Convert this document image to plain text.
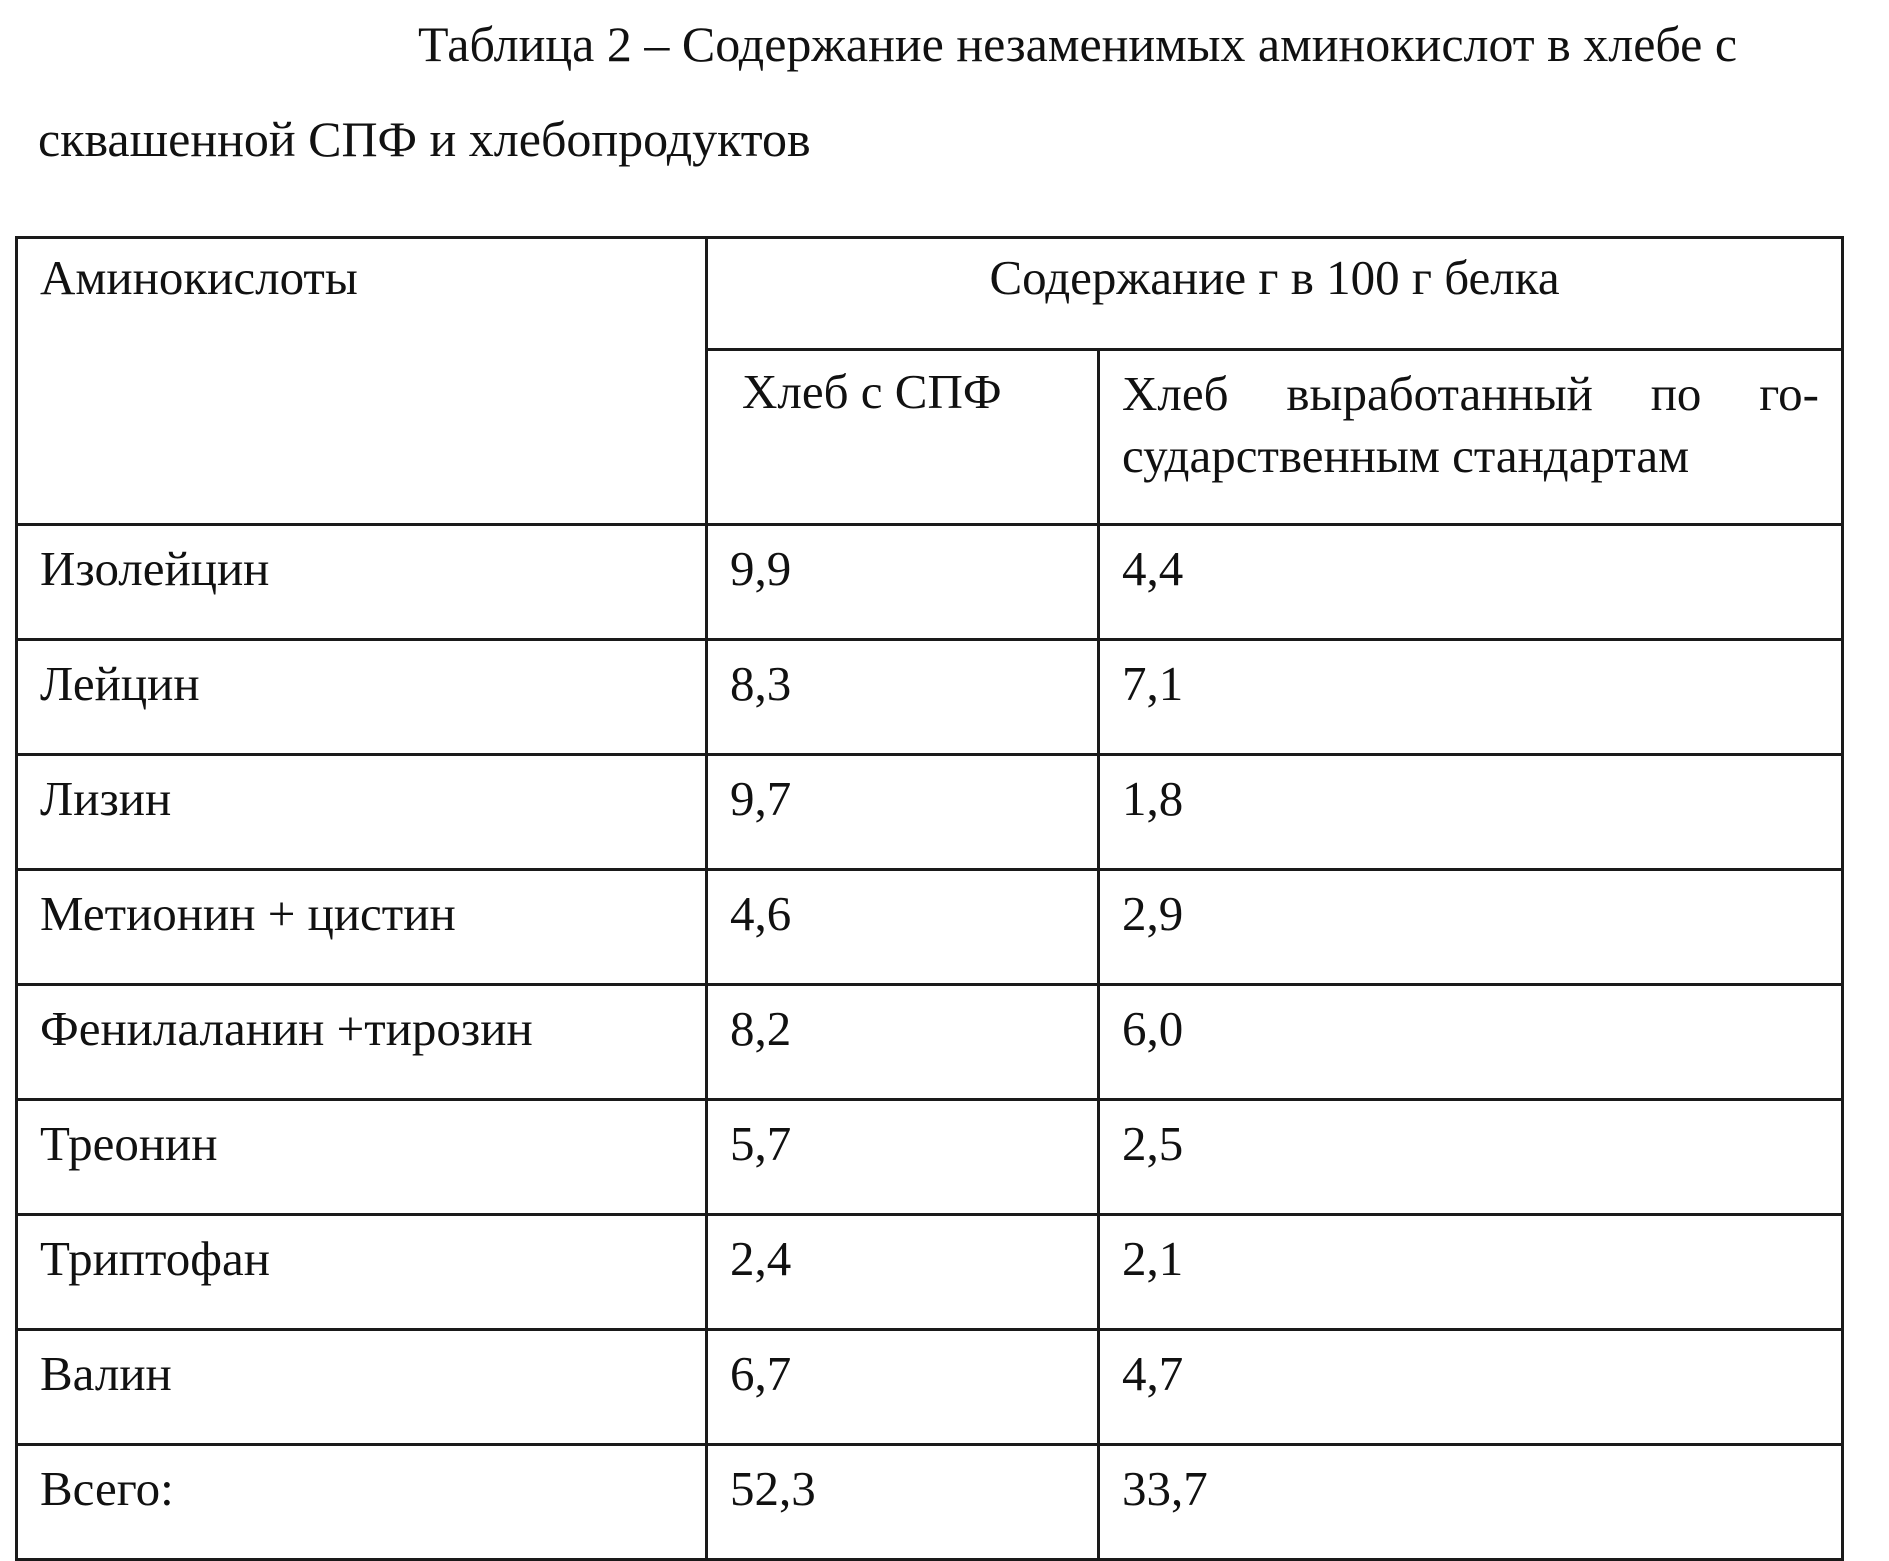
Таблица 2 – Содержание незаменимых аминокислот в хлебе с

сквашенной СПФ и хлебопродуктов

Аминокислоты	Содержание г в 100 г белка	
	Хлеб с СПФ	Хлеб выработанный по го-сударственным стандартам
Изолейцин	9,9	4,4
Лейцин	8,3	7,1
Лизин	9,7	1,8
Метионин + цистин	4,6	2,9
Фенилаланин +тирозин	8,2	6,0
Треонин	5,7	2,5
Триптофан	2,4	2,1
Валин	6,7	4,7
Всего:	52,3	33,7
